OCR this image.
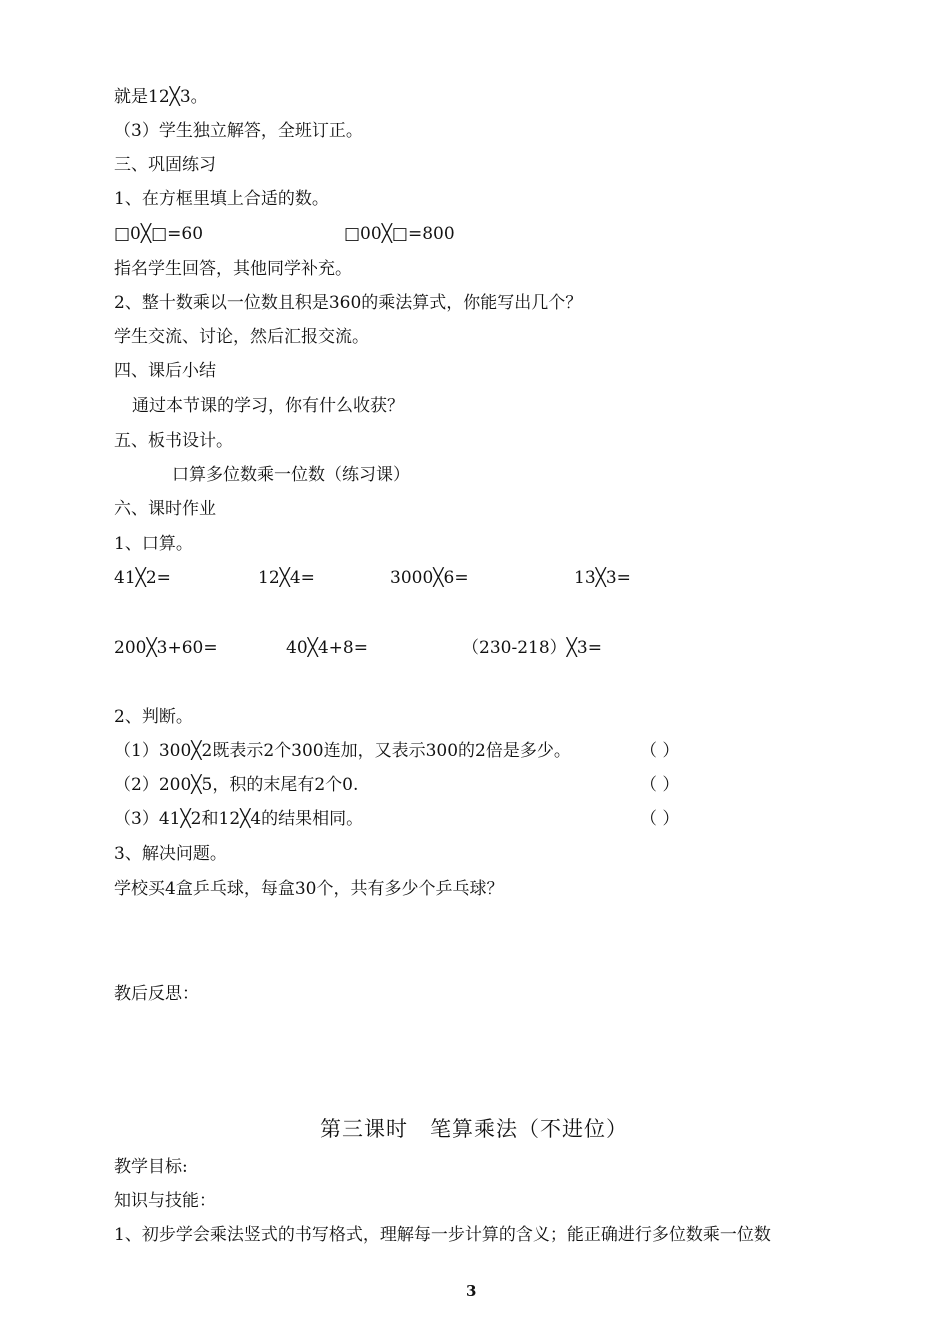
就是12╳3。
（3）学生独立解答，全班订正。
三、巩固练习
1、在方框里填上合适的数。
□0╳□=60	□00╳□=800
指名学生回答，其他同学补充。
2、整十数乘以一位数且积是360的乘法算式，你能写出几个？
学生交流、讨论，然后汇报交流。
四、课后小结
通过本节课的学习，你有什么收获？
五、板书设计。
口算多位数乘一位数（练习课）
六、课时作业
1、口算。
41╳2=	12╳4=	3000╳6=	13╳3=
200╳3+60=	40╳4+8=	（230-218）╳3=
2、判断。
（1）300╳2既表示2个300连加，又表示300的2倍是多少。	（ ）
（2）200╳5，积的末尾有2个0.	（ ）
（3）41╳2和12╳4的结果相同。	（ ）
3、解决问题。
学校买4盒乒乓球，每盒30个，共有多少个乒乓球？
教后反思：
第三课时　笔算乘法（不进位）
教学目标:
知识与技能：
1、初步学会乘法竖式的书写格式，理解每一步计算的含义；能正确进行多位数乘一位数
3
